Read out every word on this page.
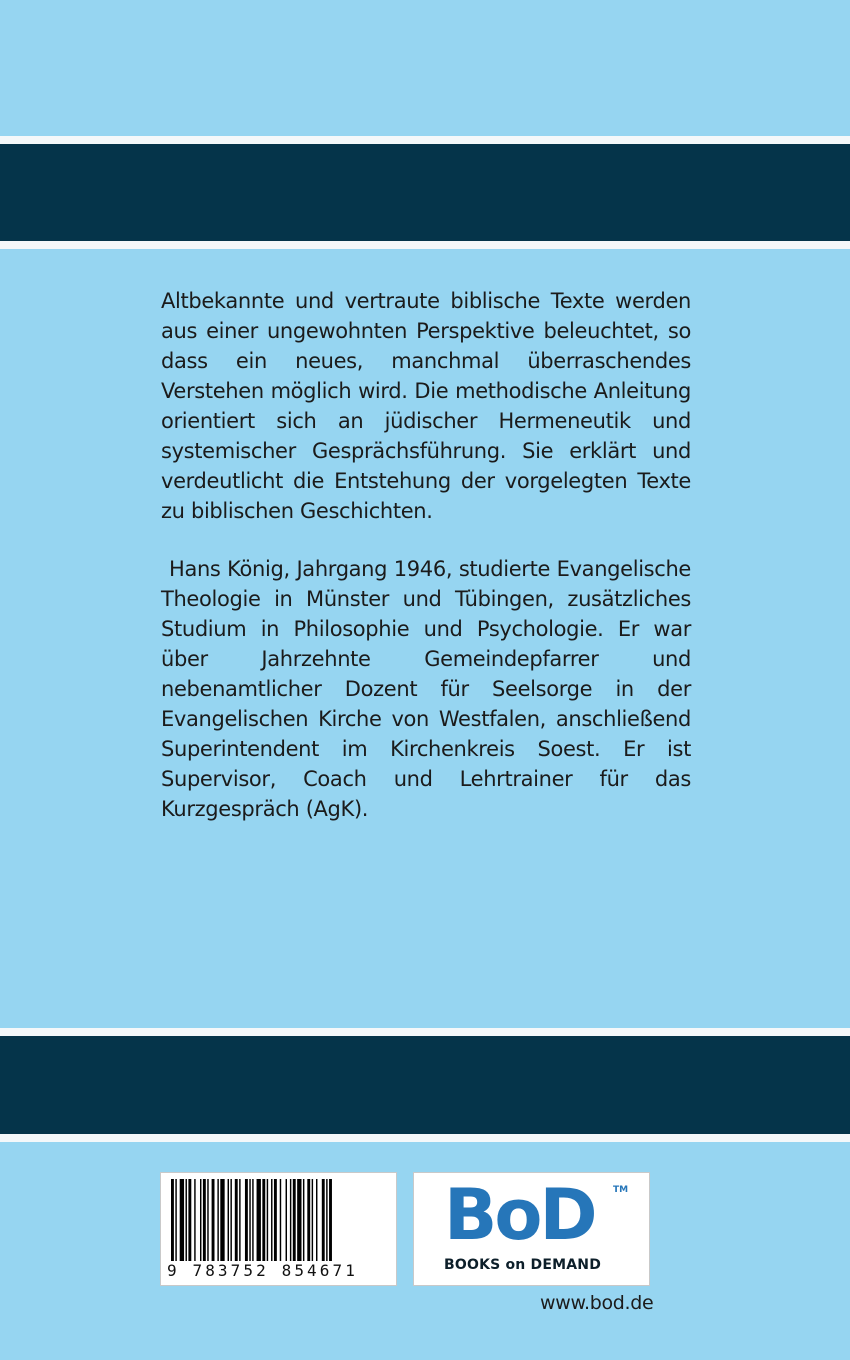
Altbekannte und vertraute biblische Texte werden aus einer ungewohnten Perspektive beleuchtet, so dass ein neues, manchmal überraschendes Verstehen möglich wird. Die methodische Anleitung orientiert sich an jüdischer Hermeneutik und systemischer Gesprächsführung. Sie erklärt und verdeutlicht die Entstehung der vorgelegten Texte zu biblischen Geschichten.

Hans König, Jahrgang 1946, studierte Evangelische Theologie in Münster und Tübingen, zusätzliches Studium in Philosophie und Psychologie. Er war über Jahrzehnte Gemeindepfarrer und nebenamtlicher Dozent für Seelsorge in der Evangelischen Kirche von Westfalen, anschließend Superintendent im Kirchenkreis Soest. Er ist Supervisor, Coach und Lehrtrainer für das Kurzgespräch (AgK).

9 783752 854671
BoD TM
BOOKS on DEMAND
www.bod.de
